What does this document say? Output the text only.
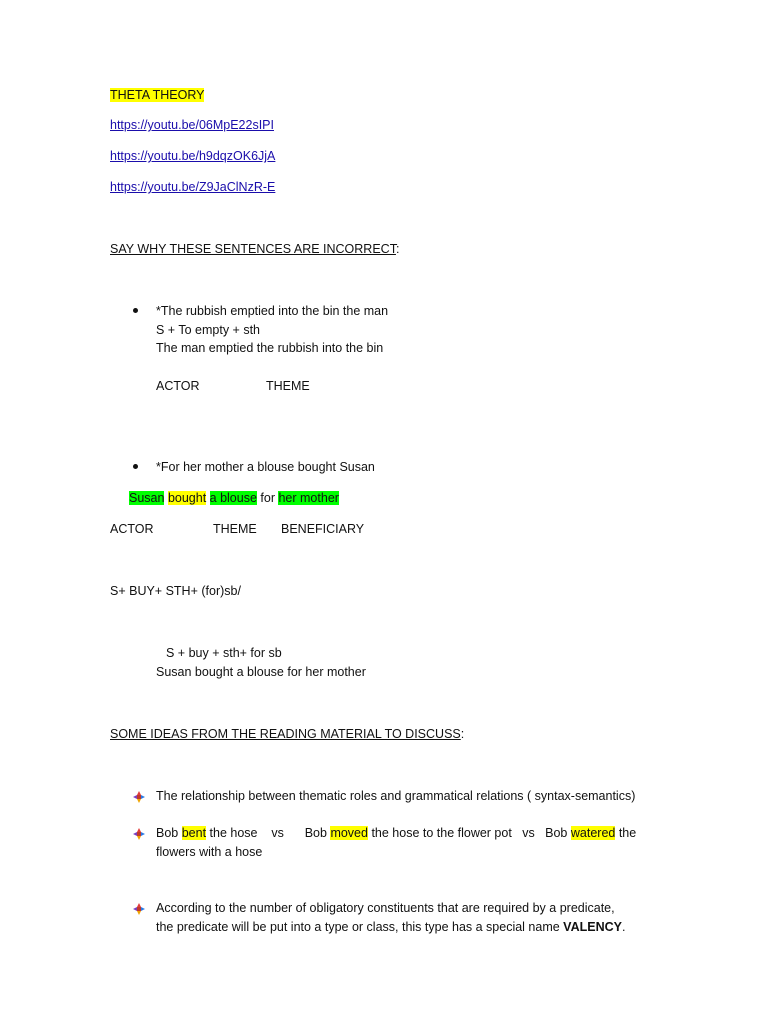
THETA THEORY
https://youtu.be/06MpE22sIPI
https://youtu.be/h9dqzOK6JjA
https://youtu.be/Z9JaClNzR-E
SAY WHY THESE SENTENCES ARE INCORRECT:
*The rubbish emptied into the bin the man
S + To empty + sth
The man emptied the rubbish into the bin
ACTOR	THEME
*For her mother a blouse bought Susan
Susan bought a blouse for her mother
ACTOR	THEME BENEFICIARY
S+ BUY+ STH+ (for)sb/
S + buy + sth+ for sb
Susan bought a blouse for her mother
SOME IDEAS FROM THE READING MATERIAL TO DISCUSS:
The relationship between thematic roles and grammatical relations ( syntax-semantics)
Bob bent the hose    vs      Bob moved the hose to the flower pot   vs   Bob watered the
flowers with a hose
According to the number of obligatory constituents that are required by a predicate,
the predicate will be put into a type or class, this type has a special name VALENCY.
